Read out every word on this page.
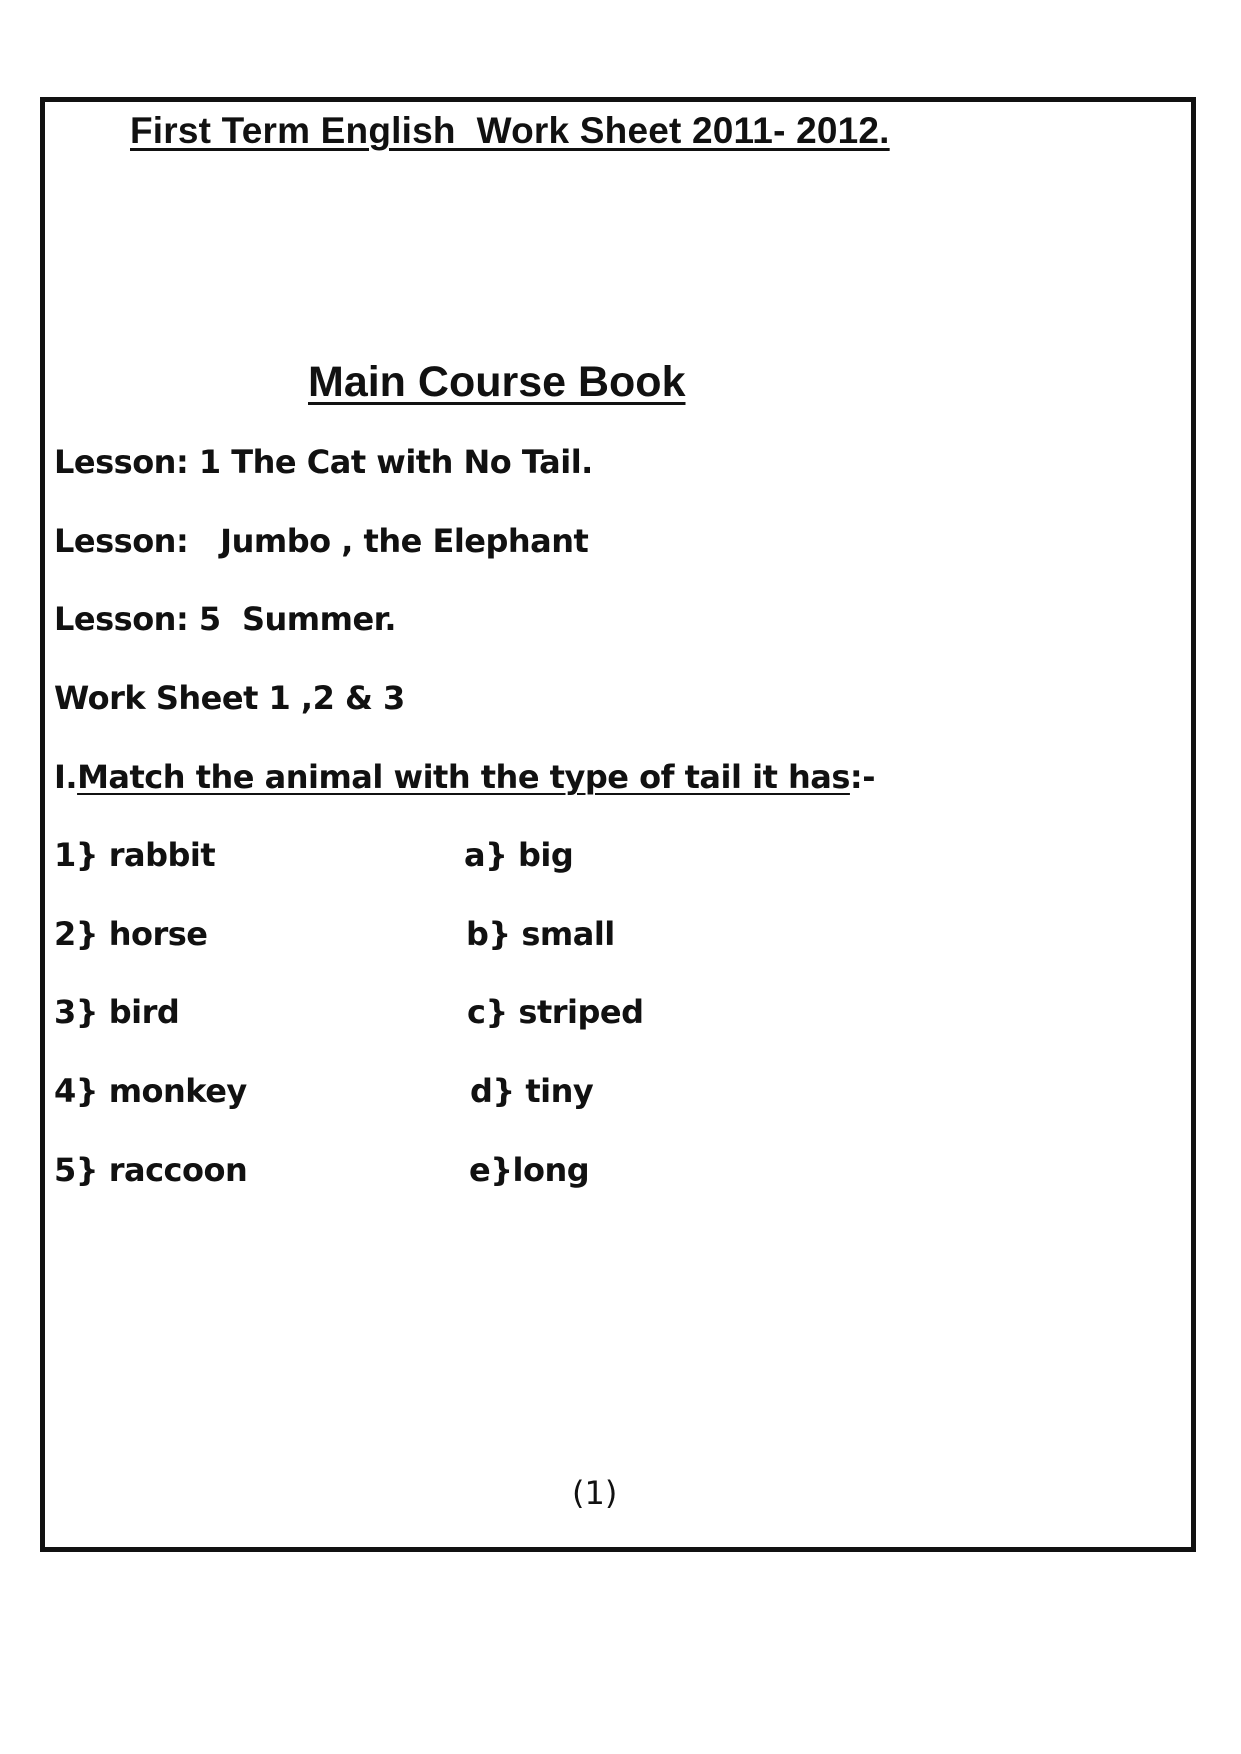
First Term English  Work Sheet 2011- 2012.
Main Course Book
Lesson: 1 The Cat with No Tail.
Lesson:   Jumbo , the Elephant
Lesson: 5  Summer.
Work Sheet 1 ,2 & 3
I.Match the animal with the type of tail it has:-
1} rabbit
2} horse
3} bird
4} monkey
5} raccoon
a} big
b} small
c} striped
d} tiny
e}long
(1)
